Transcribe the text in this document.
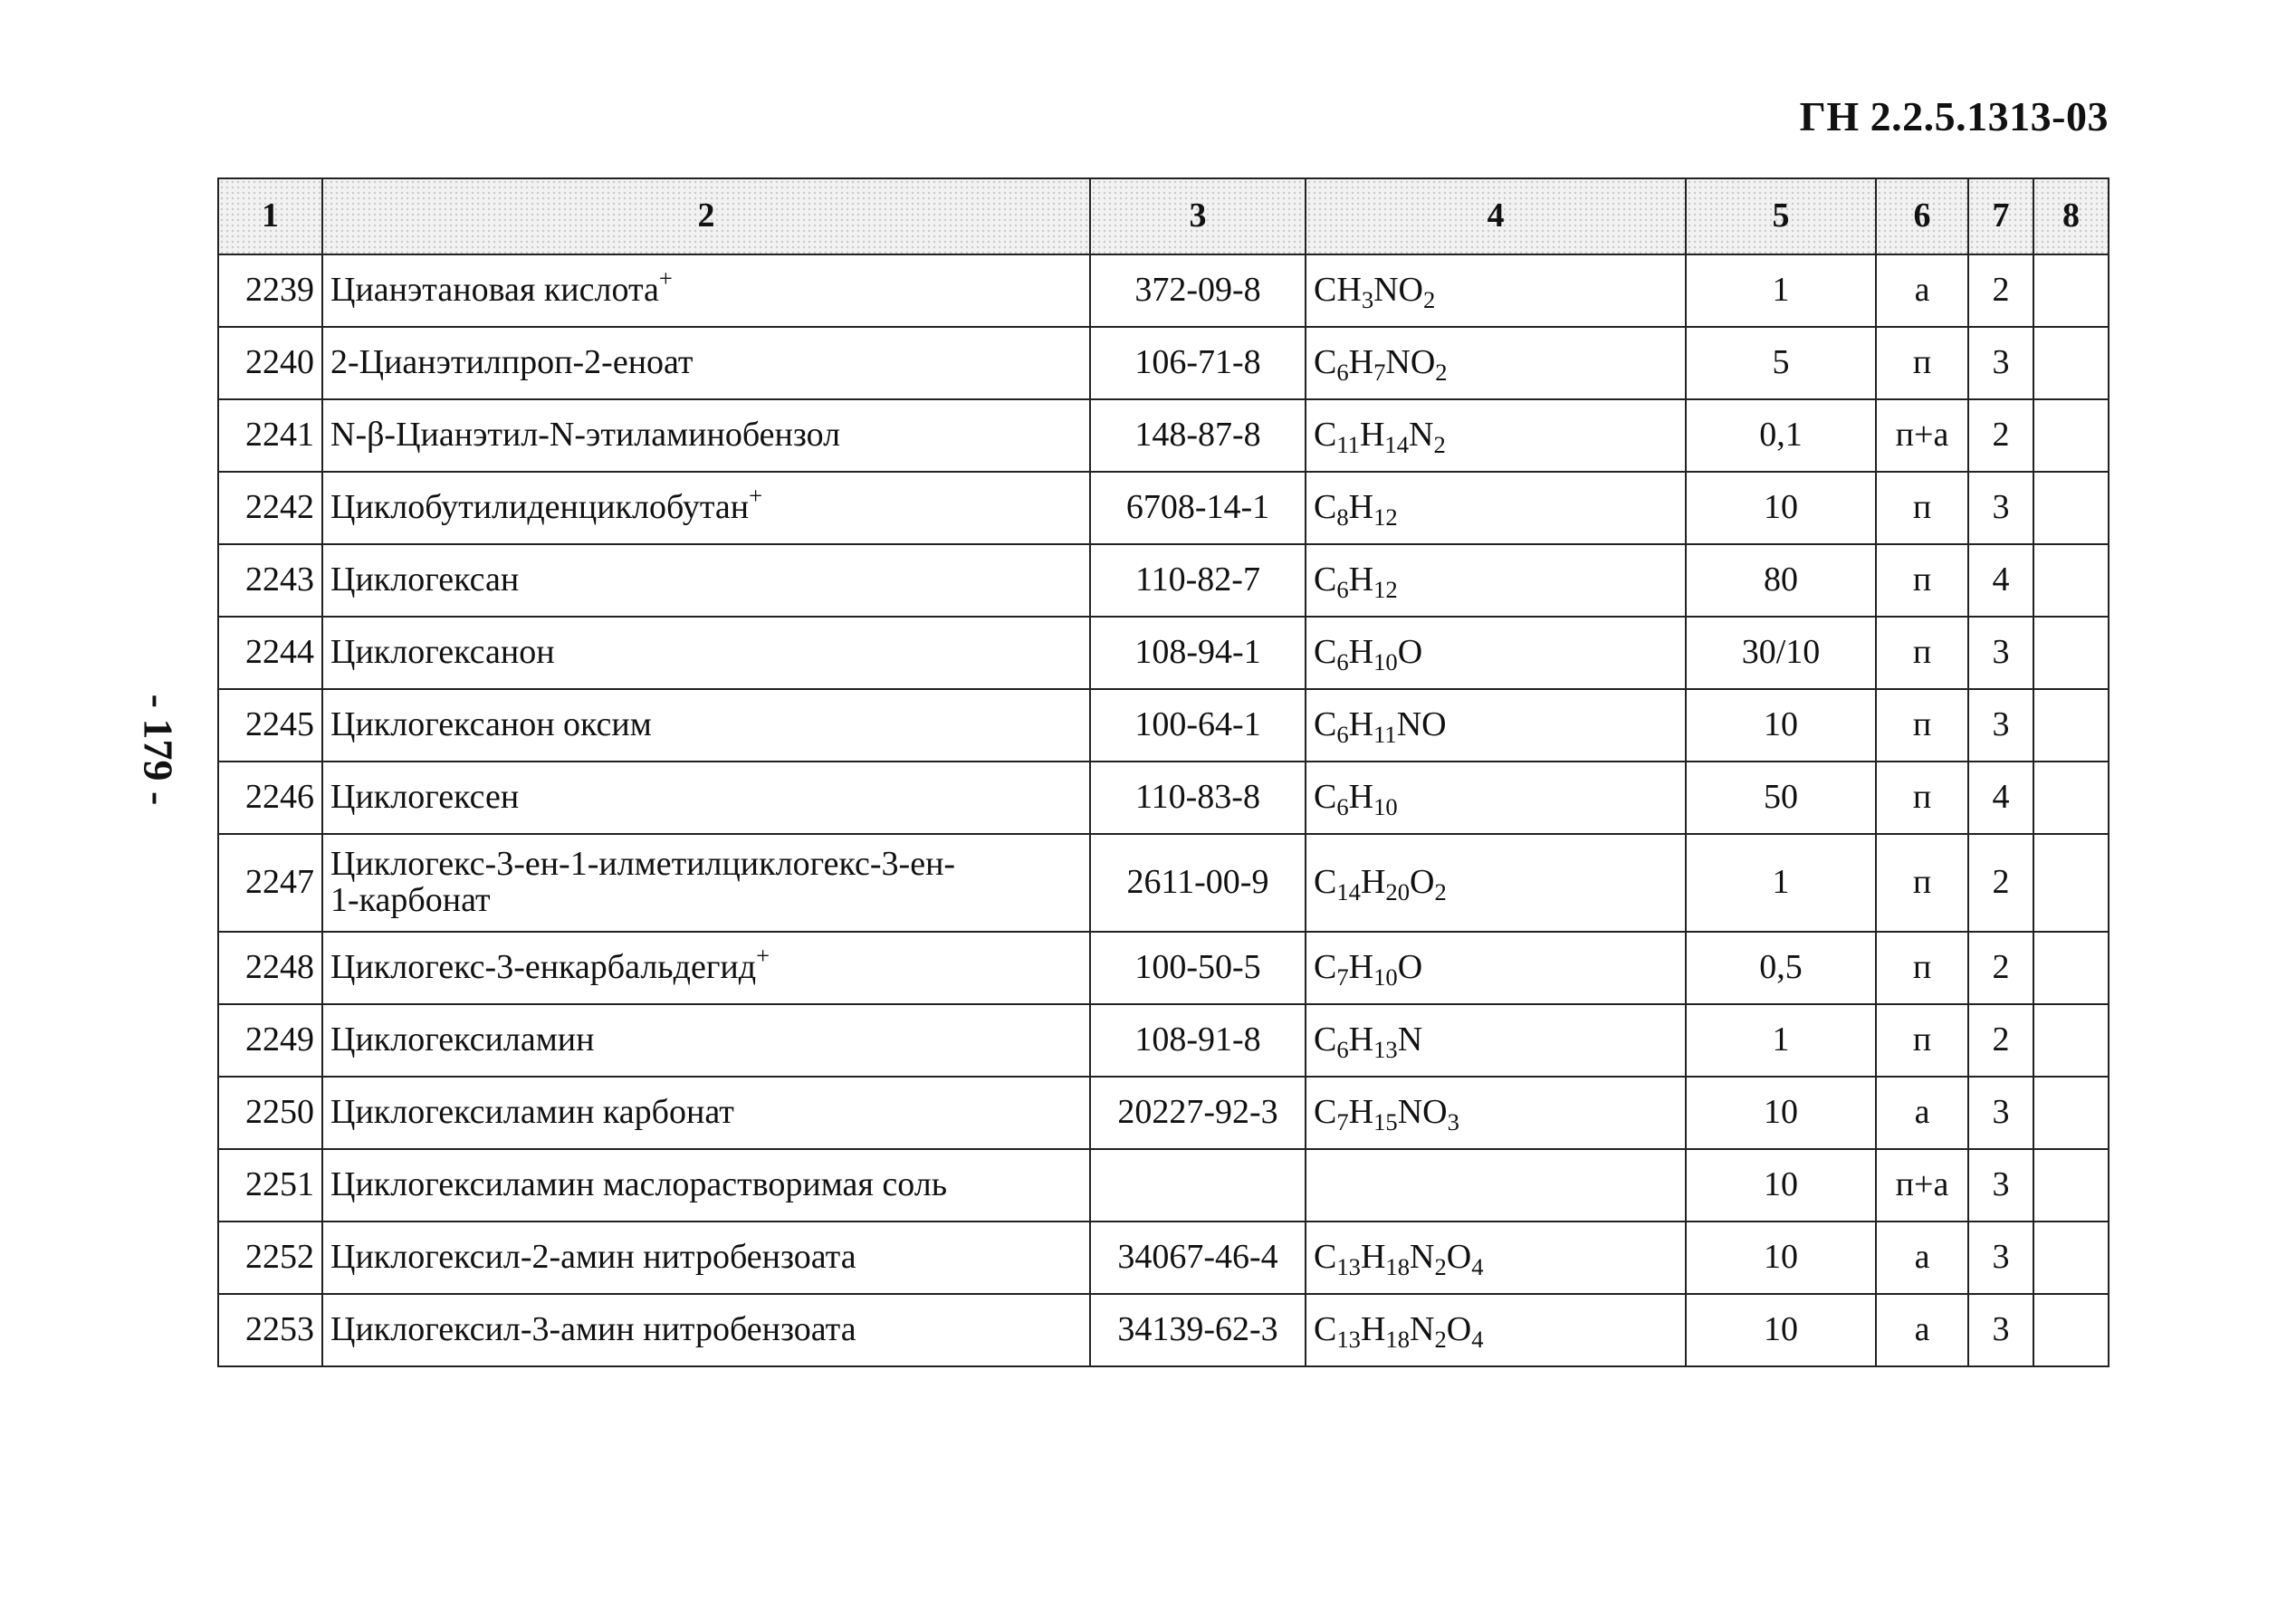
ГН 2.2.5.1313-03
- 179 -
1	2	3	4	5	6	7	8
2239	Цианэтановая кислота+	372-09-8	$CH_3NO_2$	1	а	2	
2240	2-Цианэтилпроп-2-еноат	106-71-8	$C_6H_7NO_2$	5	п	3	
2241	N-β-Цианэтил-N-этиламинобензол	148-87-8	$C_{11}H_{14}N_2$	0,1	п+а	2	
2242	Циклобутилиденциклобутан+	6708-14-1	$C_8H_{12}$	10	п	3	
2243	Циклогексан	110-82-7	$C_6H_{12}$	80	п	4	
2244	Циклогексанон	108-94-1	$C_6H_{10}O$	30/10	п	3	
2245	Циклогексанон оксим	100-64-1	$C_6H_{11}NO$	10	п	3	
2246	Циклогексен	110-83-8	$C_6H_{10}$	50	п	4	
2247	Циклогекс-3-ен-1-илметилциклогекс-3-ен-
1-карбонат	2611-00-9	$C_{14}H_{20}O_2$	1	п	2	
2248	Циклогекс-3-енкарбальдегид+	100-50-5	$C_7H_{10}O$	0,5	п	2	
2249	Циклогексиламин	108-91-8	$C_6H_{13}N$	1	п	2	
2250	Циклогексиламин карбонат	20227-92-3	$C_7H_{15}NO_3$	10	а	3	
2251	Циклогексиламин маслорастворимая соль			10	п+а	3	
2252	Циклогексил-2-амин нитробензоата	34067-46-4	$C_{13}H_{18}N_2O_4$	10	а	3	
2253	Циклогексил-3-амин нитробензоата	34139-62-3	$C_{13}H_{18}N_2O_4$	10	а	3	
